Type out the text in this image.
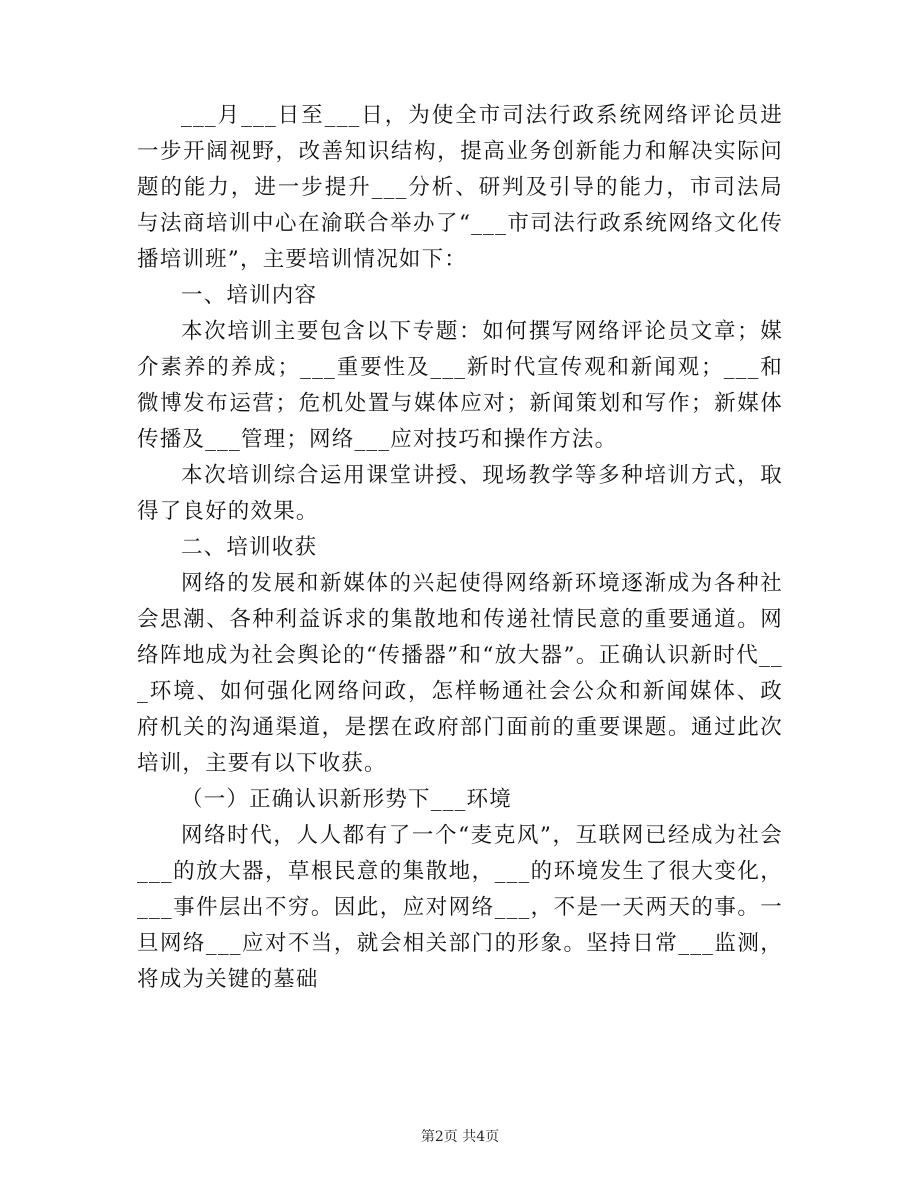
___月___日至___日，为使全市司法行政系统网络评论员进一步开阔视野，改善知识结构，提高业务创新能力和解决实际问题的能力，进一步提升___分析、研判及引导的能力，市司法局与法商培训中心在渝联合举办了“___市司法行政系统网络文化传播培训班”，主要培训情况如下：

一、培训内容

本次培训主要包含以下专题：如何撰写网络评论员文章；媒介素养的养成；___重要性及___新时代宣传观和新闻观；___和微博发布运营；危机处置与媒体应对；新闻策划和写作；新媒体传播及___管理；网络___应对技巧和操作方法。

本次培训综合运用课堂讲授、现场教学等多种培训方式，取得了良好的效果。

二、培训收获

网络的发展和新媒体的兴起使得网络新环境逐渐成为各种社会思潮、各种利益诉求的集散地和传递社情民意的重要通道。网络阵地成为社会舆论的“传播器”和“放大器”。正确认识新时代___环境、如何强化网络问政，怎样畅通社会公众和新闻媒体、政府机关的沟通渠道，是摆在政府部门面前的重要课题。通过此次培训，主要有以下收获。

（一）正确认识新形势下___环境

网络时代，人人都有了一个“麦克风”，互联网已经成为社会___的放大器，草根民意的集散地，___的环境发生了很大变化，___事件层出不穷。因此，应对网络___，不是一天两天的事。一旦网络___应对不当，就会相关部门的形象。坚持日常___监测，将成为关键的墓础

第2页 共4页
